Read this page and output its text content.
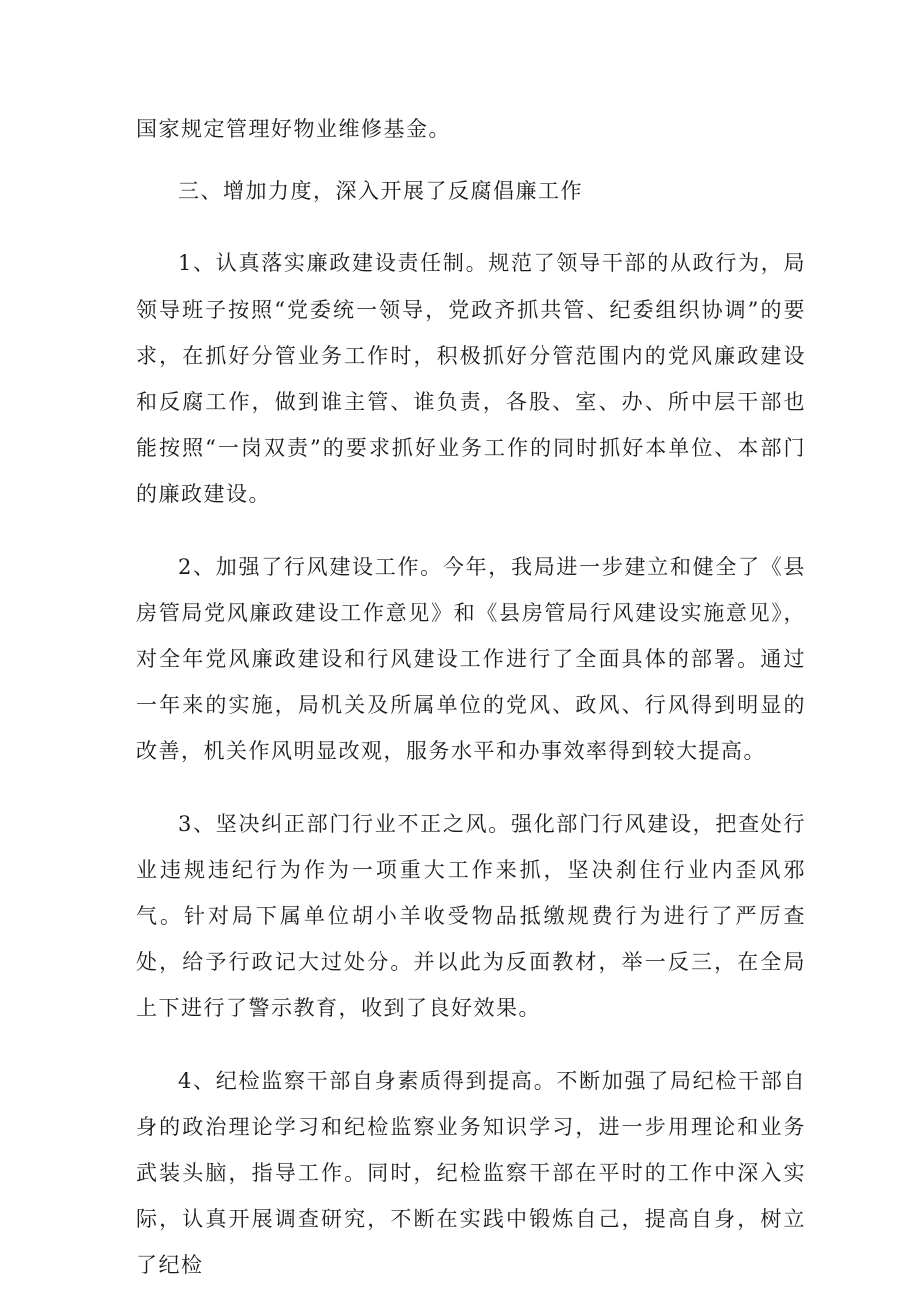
国家规定管理好物业维修基金。

三、增加力度，深入开展了反腐倡廉工作

1、认真落实廉政建设责任制。规范了领导干部的从政行为，局领导班子按照“党委统一领导，党政齐抓共管、纪委组织协调”的要求，在抓好分管业务工作时，积极抓好分管范围内的党风廉政建设和反腐工作，做到谁主管、谁负责，各股、室、办、所中层干部也能按照“一岗双责”的要求抓好业务工作的同时抓好本单位、本部门的廉政建设。

2、加强了行风建设工作。今年，我局进一步建立和健全了《县房管局党风廉政建设工作意见》和《县房管局行风建设实施意见》，对全年党风廉政建设和行风建设工作进行了全面具体的部署。通过一年来的实施，局机关及所属单位的党风、政风、行风得到明显的改善，机关作风明显改观，服务水平和办事效率得到较大提高。

3、坚决纠正部门行业不正之风。强化部门行风建设，把查处行业违规违纪行为作为一项重大工作来抓，坚决刹住行业内歪风邪气。针对局下属单位胡小羊收受物品抵缴规费行为进行了严厉查处，给予行政记大过处分。并以此为反面教材，举一反三，在全局上下进行了警示教育，收到了良好效果。

4、纪检监察干部自身素质得到提高。不断加强了局纪检干部自身的政治理论学习和纪检监察业务知识学习，进一步用理论和业务武装头脑，指导工作。同时，纪检监察干部在平时的工作中深入实际，认真开展调查研究，不断在实践中锻炼自己，提高自身，树立了纪检
